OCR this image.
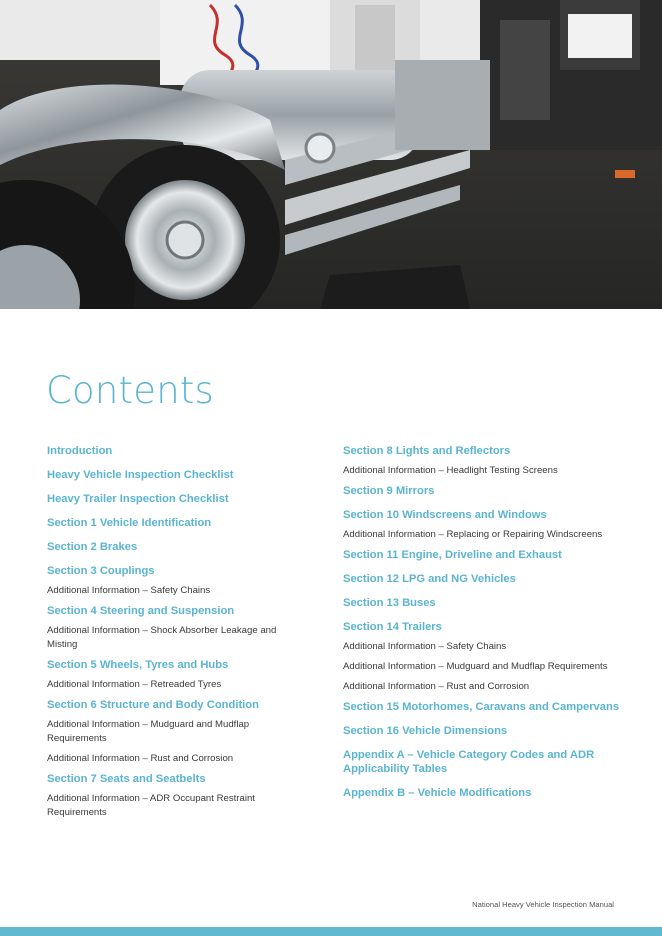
Contents
Introduction
Heavy Vehicle Inspection Checklist
Heavy Trailer Inspection Checklist
Section 1 Vehicle Identification
Section 2 Brakes
Section 3 Couplings
Additional Information – Safety Chains
Section 4 Steering and Suspension
Additional Information – Shock Absorber Leakage and Misting
Section 5 Wheels, Tyres and Hubs
Additional Information – Retreaded Tyres
Section 6 Structure and Body Condition
Additional Information – Mudguard and Mudflap Requirements
Additional Information – Rust and Corrosion
Section 7 Seats and Seatbelts
Additional Information – ADR Occupant Restraint Requirements
Section 8 Lights and Reflectors
Additional Information – Headlight Testing Screens
Section 9 Mirrors
Section 10 Windscreens and Windows
Additional Information – Replacing or Repairing Windscreens
Section 11 Engine, Driveline and Exhaust
Section 12 LPG and NG Vehicles
Section 13 Buses
Section 14 Trailers
Additional Information – Safety Chains
Additional Information – Mudguard and Mudflap Requirements
Additional Information – Rust and Corrosion
Section 15 Motorhomes, Caravans and Campervans
Section 16 Vehicle Dimensions
Appendix A – Vehicle Category Codes and ADR Applicability Tables
Appendix B – Vehicle Modifications
National Heavy Vehicle Inspection Manual
